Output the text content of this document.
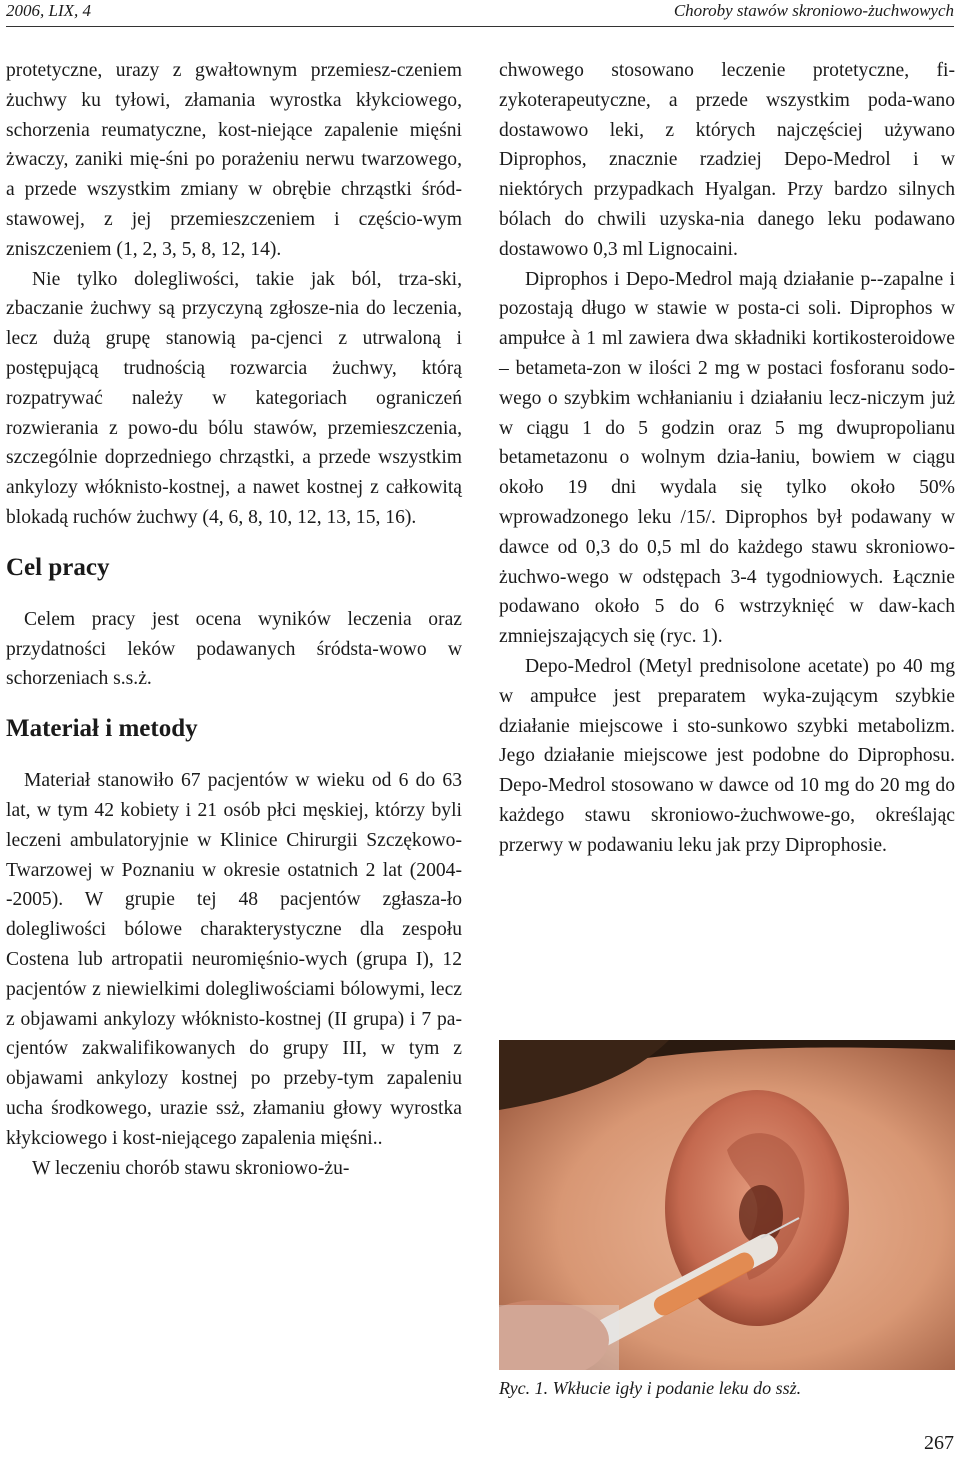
2006, LIX, 4	Choroby stawów skroniowo-żuchwowych

protetyczne, urazy z gwałtownym przemiesz-czeniem żuchwy ku tyłowi, złamania wyrostka kłykciowego, schorzenia reumatyczne, kost-niejące zapalenie mięśni żwaczy, zaniki mię-śni po porażeniu nerwu twarzowego, a przede wszystkim zmiany w obrębie chrząstki śród-stawowej, z jej przemieszczeniem i częścio-wym zniszczeniem (1, 2, 3, 5, 8, 12, 14).

Nie tylko dolegliwości, takie jak ból, trza-ski, zbaczanie żuchwy są przyczyną zgłosze-nia do leczenia, lecz dużą grupę stanowią pa-cjenci z utrwaloną i postępującą trudnością rozwarcia żuchwy, którą rozpatrywać należy w kategoriach ograniczeń rozwierania z powo-du bólu stawów, przemieszczenia, szczególnie doprzedniego chrząstki, a przede wszystkim ankylozy włóknisto-kostnej, a nawet kostnej z całkowitą blokadą ruchów żuchwy (4, 6, 8, 10, 12, 13, 15, 16).

Cel pracy

Celem pracy jest ocena wyników leczenia oraz przydatności leków podawanych śródsta-wowo w schorzeniach s.s.ż.

Materiał i metody

Materiał stanowiło 67 pacjentów w wieku od 6 do 63 lat, w tym 42 kobiety i 21 osób płci męskiej, którzy byli leczeni ambulatoryjnie w Klinice Chirurgii Szczękowo-Twarzowej w Poznaniu w okresie ostatnich 2 lat (2004--2005). W grupie tej 48 pacjentów zgłasza-ło dolegliwości bólowe charakterystyczne dla zespołu Costena lub artropatii neuromięśnio-wych (grupa I), 12 pacjentów z niewielkimi dolegliwościami bólowymi, lecz z objawami ankylozy włóknisto-kostnej (II grupa) i 7 pa-cjentów zakwalifikowanych do grupy III, w tym z objawami ankylozy kostnej po przeby-tym zapaleniu ucha środkowego, urazie ssż, złamaniu głowy wyrostka kłykciowego i kost-niejącego zapalenia mięśni..

W leczeniu chorób stawu skroniowo-żu-

chwowego stosowano leczenie protetyczne, fi-zykoterapeutyczne, a przede wszystkim poda-wano dostawowo leki, z których najczęściej używano Diprophos, znacznie rzadziej Depo-Medrol i w niektórych przypadkach Hyalgan. Przy bardzo silnych bólach do chwili uzyska-nia danego leku podawano dostawowo 0,3 ml Lignocaini.

Diprophos i Depo-Medrol mają działanie p--zapalne i pozostają długo w stawie w posta-ci soli. Diprophos w ampułce à 1 ml zawiera dwa składniki kortikosteroidowe – betameta-zon w ilości 2 mg w postaci fosforanu sodo-wego o szybkim wchłanianiu i działaniu lecz-niczym już w ciągu 1 do 5 godzin oraz 5 mg dwupropolianu betametazonu o wolnym dzia-łaniu, bowiem w ciągu około 19 dni wydala się tylko około 50% wprowadzonego leku /15/. Diprophos był podawany w dawce od 0,3 do 0,5 ml do każdego stawu skroniowo-żuchwo-wego w odstępach 3-4 tygodniowych. Łącznie podawano około 5 do 6 wstrzyknięć w daw-kach zmniejszających się (ryc. 1).

Depo-Medrol (Metyl prednisolone acetate) po 40 mg w ampułce jest preparatem wyka-zującym szybkie działanie miejscowe i sto-sunkowo szybki metabolizm. Jego działanie miejscowe jest podobne do Diprophosu. Depo-Medrol stosowano w dawce od 10 mg do 20 mg do każdego stawu skroniowo-żuchwowe-go, określając przerwy w podawaniu leku jak przy Diprophosie.

Ryc. 1. Wkłucie igły i podanie leku do ssż.
267
